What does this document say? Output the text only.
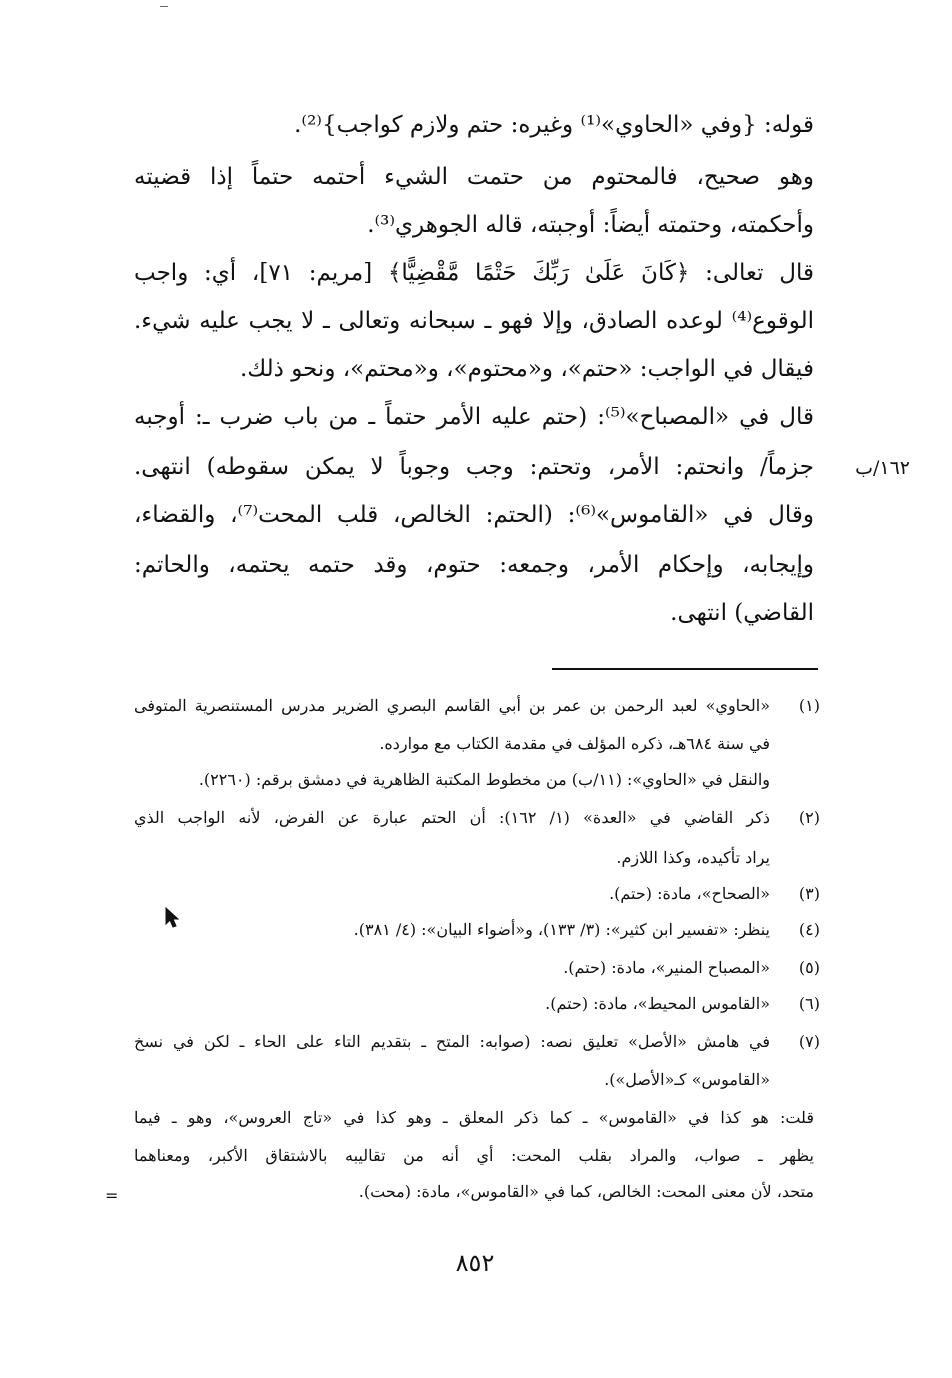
قوله: {وفي «الحاوي»⁽¹⁾ وغيره: حتم ولازم كواجب}⁽²⁾.
وهو صحيح، فالمحتوم من حتمت الشيء أحتمه حتماً إذا قضيته
وأحكمته، وحتمته أيضاً: أوجبته، قاله الجوهري⁽³⁾.
قال تعالى: ﴿كَانَ عَلَىٰ رَبِّكَ حَتْمًا مَّقْضِيًّا﴾ [مريم: ٧١]، أي: واجب
الوقوع⁽⁴⁾ لوعده الصادق، وإلا فهو ـ سبحانه وتعالى ـ لا يجب عليه شيء.
فيقال في الواجب: «حتم»، و«محتوم»، و«محتم»، ونحو ذلك.
قال في «المصباح»⁽⁵⁾: (حتم عليه الأمر حتماً ـ من باب ضرب ـ: أوجبه
جزماً/ وانحتم: الأمر، وتحتم: وجب وجوباً لا يمكن سقوطه) انتهى.
وقال في «القاموس»⁽⁶⁾: (الحتم: الخالص، قلب المحت⁽⁷⁾، والقضاء،
وإيجابه، وإحكام الأمر، وجمعه: حتوم، وقد حتمه يحتمه، والحاتم:
القاضي) انتهى.
١٦٢/ب
(١)
«الحاوي» لعبد الرحمن بن عمر بن أبي القاسم البصري الضرير مدرس المستنصرية المتوفى
في سنة ٦٨٤هـ، ذكره المؤلف في مقدمة الكتاب مع موارده.
والنقل في «الحاوي»: (١١/ب) من مخطوط المكتبة الظاهرية في دمشق برقم: (٢٢٦٠).
(٢)
ذكر القاضي في «العدة» (١/ ١٦٢): أن الحتم عبارة عن الفرض، لأنه الواجب الذي
يراد تأكيده، وكذا اللازم.
(٣)
«الصحاح»، مادة: (حتم).
(٤)
ينظر: «تفسير ابن كثير»: (٣/ ١٣٣)، و«أضواء البيان»: (٤/ ٣٨١).
(٥)
«المصباح المنير»، مادة: (حتم).
(٦)
«القاموس المحيط»، مادة: (حتم).
(٧)
في هامش «الأصل» تعليق نصه: (صوابه: المتح ـ بتقديم التاء على الحاء ـ لكن في نسخ
«القاموس» كـ«الأصل»).
قلت: هو كذا في «القاموس» ـ كما ذكر المعلق ـ وهو كذا في «تاج العروس»، وهو ـ فيما
يظهر ـ صواب، والمراد بقلب المحت: أي أنه من تقاليبه بالاشتقاق الأكبر، ومعناهما
متحد، لأن معنى المحت: الخالص، كما في «القاموس»، مادة: (محت).
=
٨٥٢
